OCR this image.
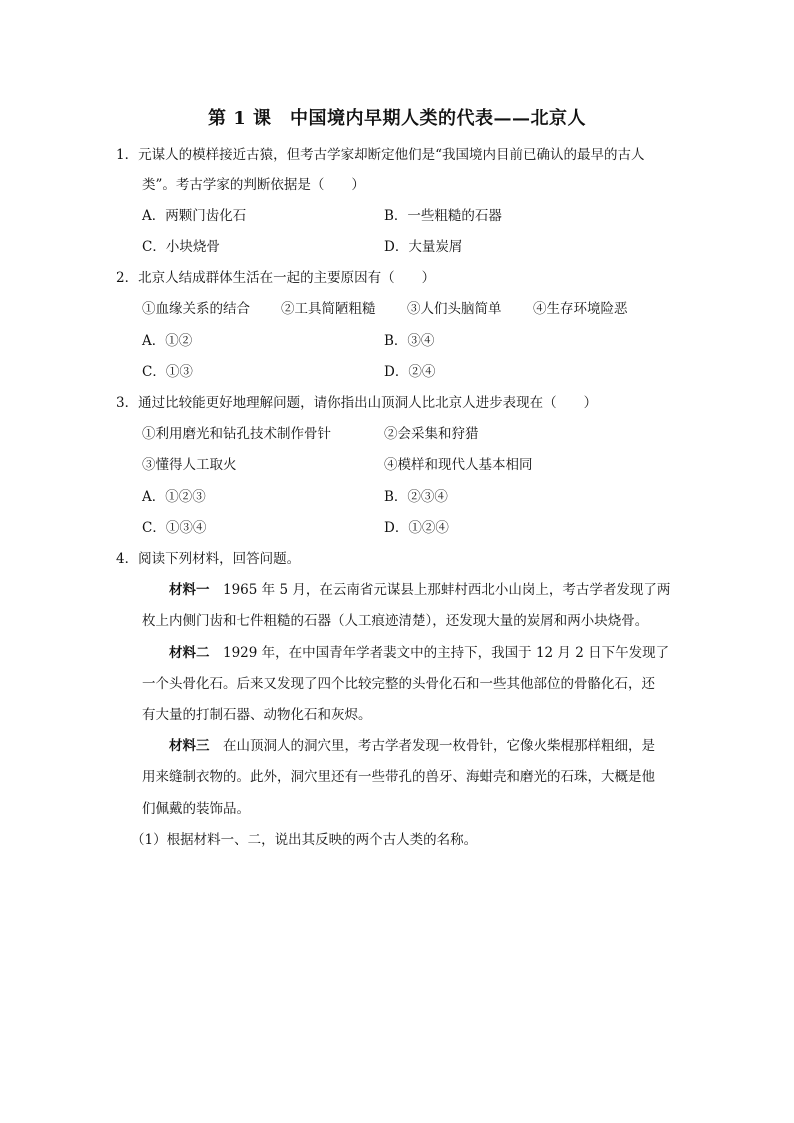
第 1 课　中国境内早期人类的代表——北京人
1．元谋人的模样接近古猿，但考古学家却断定他们是“我国境内目前已确认的最早的古人
类”。考古学家的判断依据是（　　）
A．两颗门齿化石	B．一些粗糙的石器
C．小块烧骨	D．大量炭屑
2．北京人结成群体生活在一起的主要原因有（　　）
①血缘关系的结合 ②工具简陋粗糙 ③人们头脑简单 ④生存环境险恶
A．①②	B．③④
C．①③	D．②④
3．通过比较能更好地理解问题，请你指出山顶洞人比北京人进步表现在（　　）
①利用磨光和钻孔技术制作骨针	②会采集和狩猎
③懂得人工取火	④模样和现代人基本相同
A．①②③	B．②③④
C．①③④	D．①②④
4．阅读下列材料，回答问题。
材料一　1965 年 5 月，在云南省元谋县上那蚌村西北小山岗上，考古学者发现了两
枚上内侧门齿和七件粗糙的石器（人工痕迹清楚），还发现大量的炭屑和两小块烧骨。
材料二　1929 年，在中国青年学者裴文中的主持下，我国于 12 月 2 日下午发现了
一个头骨化石。后来又发现了四个比较完整的头骨化石和一些其他部位的骨骼化石，还
有大量的打制石器、动物化石和灰烬。
材料三　在山顶洞人的洞穴里，考古学者发现一枚骨针，它像火柴棍那样粗细，是
用来缝制衣物的。此外，洞穴里还有一些带孔的兽牙、海蚶壳和磨光的石珠，大概是他
们佩戴的装饰品。
（1）根据材料一、二，说出其反映的两个古人类的名称。
